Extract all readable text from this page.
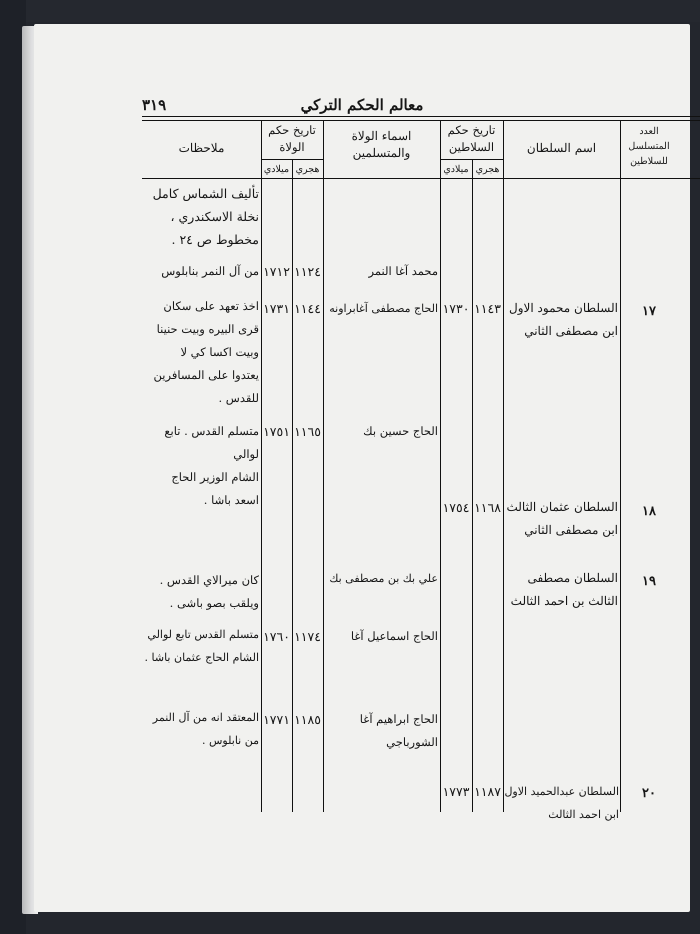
معالم الحكم التركي
٣١٩
العدد
المتسلسل
للسلاطين
اسم السلطان
تاريخ حكم
السلاطين
هجري
ميلادي
اسماء الولاة
والمتسلمين
تاريخ حكم
الولاة
هجري
ميلادي
ملاحظات
تأليف الشماس كامل
نخلة الاسكندري ،
مخطوط ص ٢٤ .
من آل النمر بنابلوس
اخذ تعهد على سكان
قرى البيره وبيت حنينا
وبيت اكسا كي لا
يعتدوا على المسافرين
للقدس .
متسلم القدس . تابع لوالي
الشام الوزير الحاج
اسعد باشا .
كان ميرالاي القدس .
ويلقب بصو باشى .
متسلم القدس تابع لوالي
الشام الحاج عثمان باشا .
المعتقد انه من آل النمر
من نابلوس .
١١٢٤
١٧١٢
١١٤٤
١٧٣١
١١٦٥
١٧٥١
١١٧٤
١٧٦٠
١١٨٥
١٧٧١
محمد آغا النمر
الحاج مصطفى آغابراونه
الحاج حسين بك
علي بك بن مصطفى بك
الحاج اسماعيل آغا
الحاج ابراهيم آغا
الشورباجي
١١٤٣
١٧٣٠
١١٦٨
١٧٥٤
١١٨٧
١٧٧٣
السلطان محمود الاول
ابن مصطفى الثاني
السلطان عثمان الثالث
ابن مصطفى الثاني
السلطان مصطفى
الثالث بن احمد الثالث
السلطان عبدالحميد الاول
ابن احمد الثالث
١٧
١٨
١٩
٢٠
